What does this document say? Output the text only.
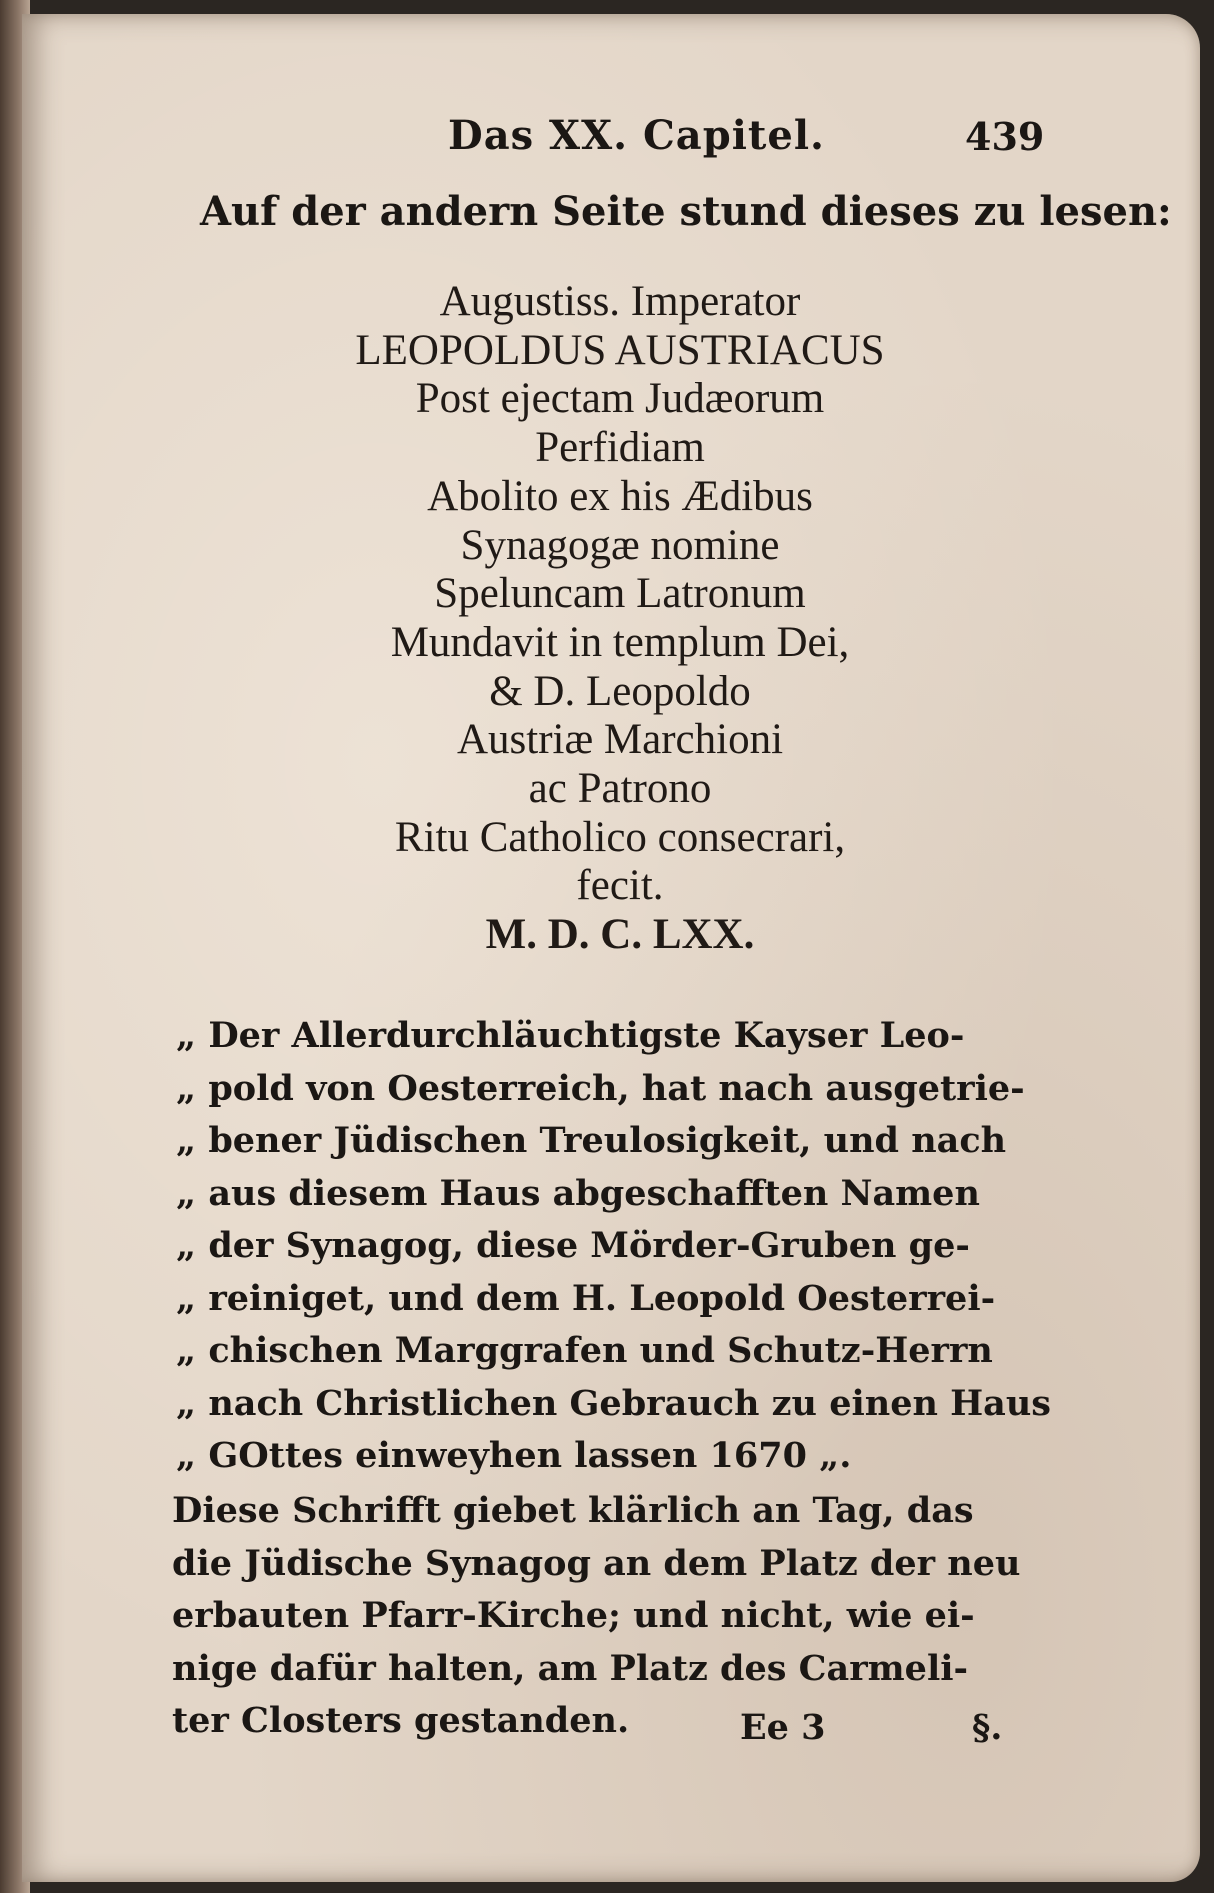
Das XX. Capitel.	439
Auf der andern Seite stund dieses zu lesen:
Augustiss. Imperator
LEOPOLDUS AUSTRIACUS
Post ejectam Judæorum
Perfidiam
Abolito ex his Ædibus
Synagogæ nomine
Speluncam Latronum
Mundavit in templum Dei,
& D. Leopoldo
Austriæ Marchioni
ac Patrono
Ritu Catholico consecrari,
fecit.
M. D. C. LXX.
„ Der Allerdurchläuchtigste Kayser Leo-
„ pold von Oesterreich, hat nach ausgetrie-
„ bener Jüdischen Treulosigkeit, und nach
„ aus diesem Haus abgeschafften Namen
„ der Synagog, diese Mörder-Gruben ge-
„ reiniget, und dem H. Leopold Oesterrei-
„ chischen Marggrafen und Schutz-Herrn
„ nach Christlichen Gebrauch zu einen Haus
„ GOttes einweyhen lassen 1670 „.
Diese Schrifft giebet klärlich an Tag, das
die Jüdische Synagog an dem Platz der neu
erbauten Pfarr-Kirche; und nicht, wie ei-
nige dafür halten, am Platz des Carmeli-
ter Closters gestanden.	Ee 3	§.
